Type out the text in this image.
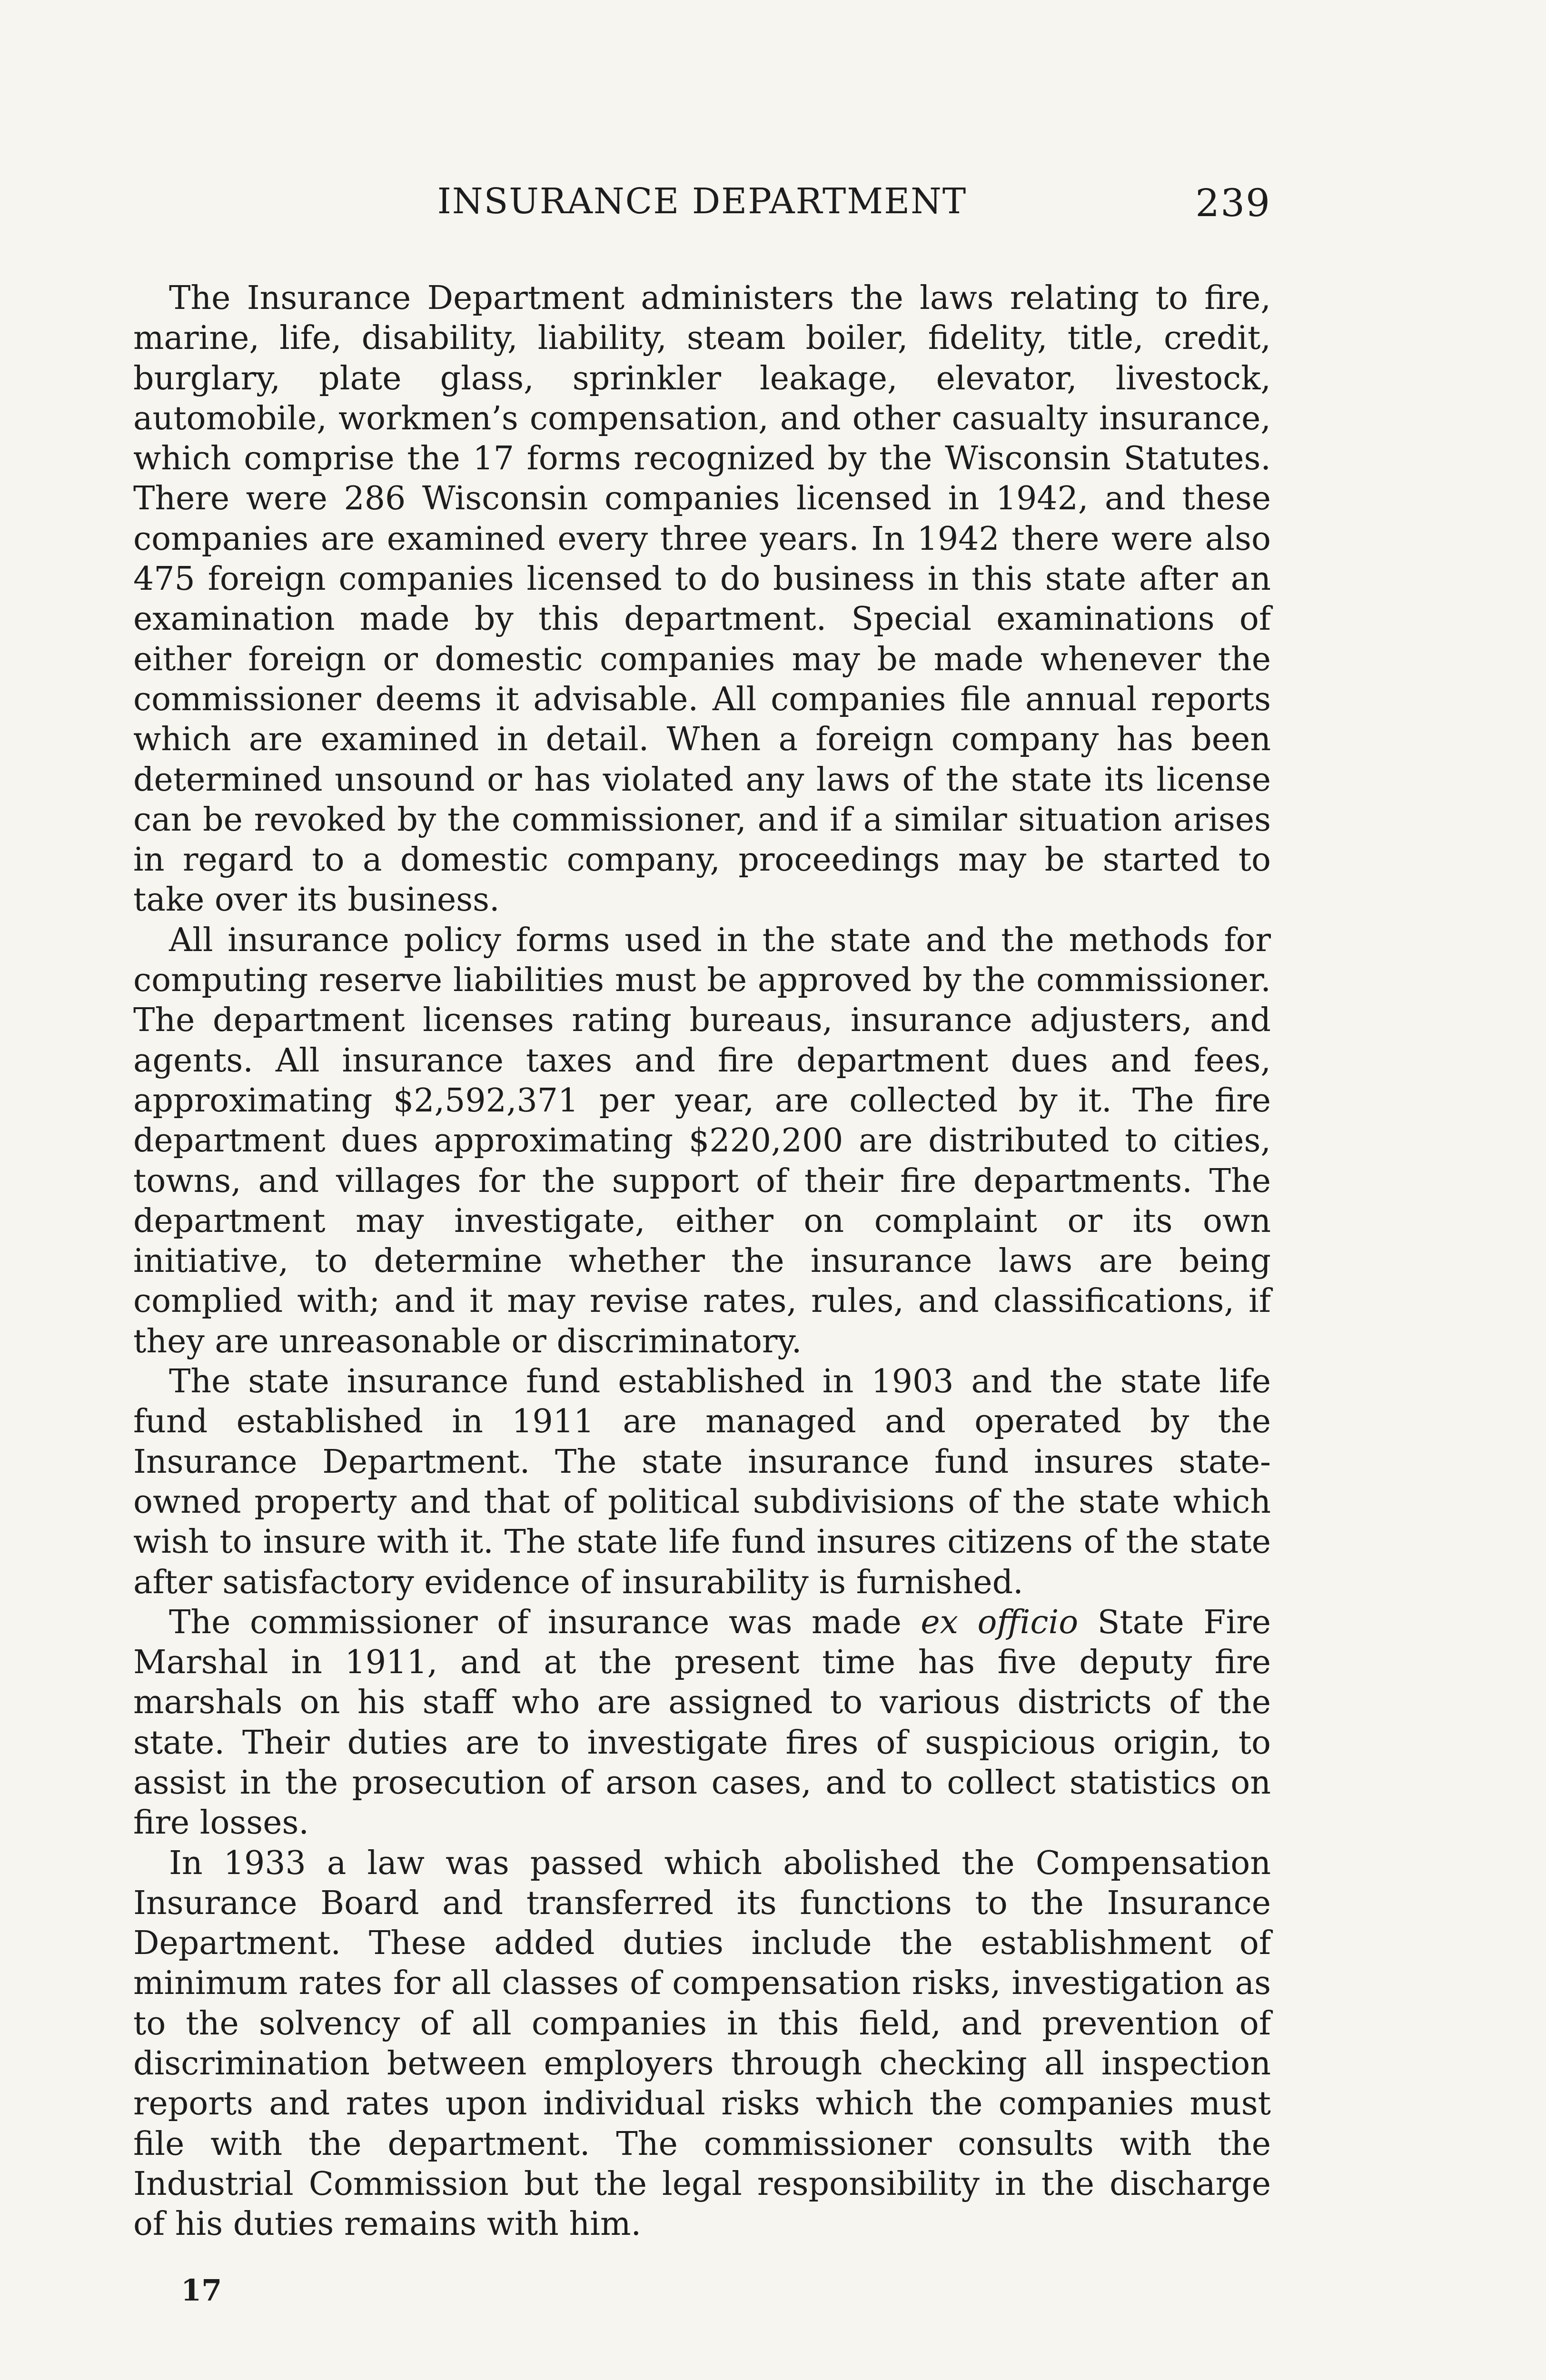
INSURANCE DEPARTMENT	239

The Insurance Department administers the laws relating to fire, marine, life, disability, liability, steam boiler, fidelity, title, credit, burglary, plate glass, sprinkler leakage, elevator, livestock, automobile, workmen’s compensation, and other casualty insurance, which comprise the 17 forms recognized by the Wisconsin Statutes. There were 286 Wisconsin companies licensed in 1942, and these companies are examined every three years. In 1942 there were also 475 foreign companies licensed to do business in this state after an examination made by this department. Special examinations of either foreign or domestic companies may be made whenever the commissioner deems it advisable. All companies file annual reports which are examined in detail. When a foreign company has been determined unsound or has violated any laws of the state its license can be revoked by the commissioner, and if a similar situation arises in regard to a domestic company, proceedings may be started to take over its business.

All insurance policy forms used in the state and the methods for computing reserve liabilities must be approved by the commissioner. The department licenses rating bureaus, insurance adjusters, and agents. All insurance taxes and fire department dues and fees, approximating $2,592,371 per year, are collected by it. The fire department dues approximating $220,200 are distributed to cities, towns, and villages for the support of their fire departments. The department may investigate, either on complaint or its own initiative, to determine whether the insurance laws are being complied with; and it may revise rates, rules, and classifications, if they are unreasonable or discriminatory.

The state insurance fund established in 1903 and the state life fund established in 1911 are managed and operated by the Insurance Department. The state insurance fund insures state-owned property and that of political subdivisions of the state which wish to insure with it. The state life fund insures citizens of the state after satisfactory evidence of insurability is furnished.

The commissioner of insurance was made ex officio State Fire Marshal in 1911, and at the present time has five deputy fire marshals on his staff who are assigned to various districts of the state. Their duties are to investigate fires of suspicious origin, to assist in the prosecution of arson cases, and to collect statistics on fire losses.

In 1933 a law was passed which abolished the Compensation Insurance Board and transferred its functions to the Insurance Department. These added duties include the establishment of minimum rates for all classes of compensation risks, investigation as to the solvency of all companies in this field, and prevention of discrimination between employers through checking all inspection reports and rates upon individual risks which the companies must file with the department. The commissioner consults with the Industrial Commission but the legal responsibility in the discharge of his duties remains with him.

17
